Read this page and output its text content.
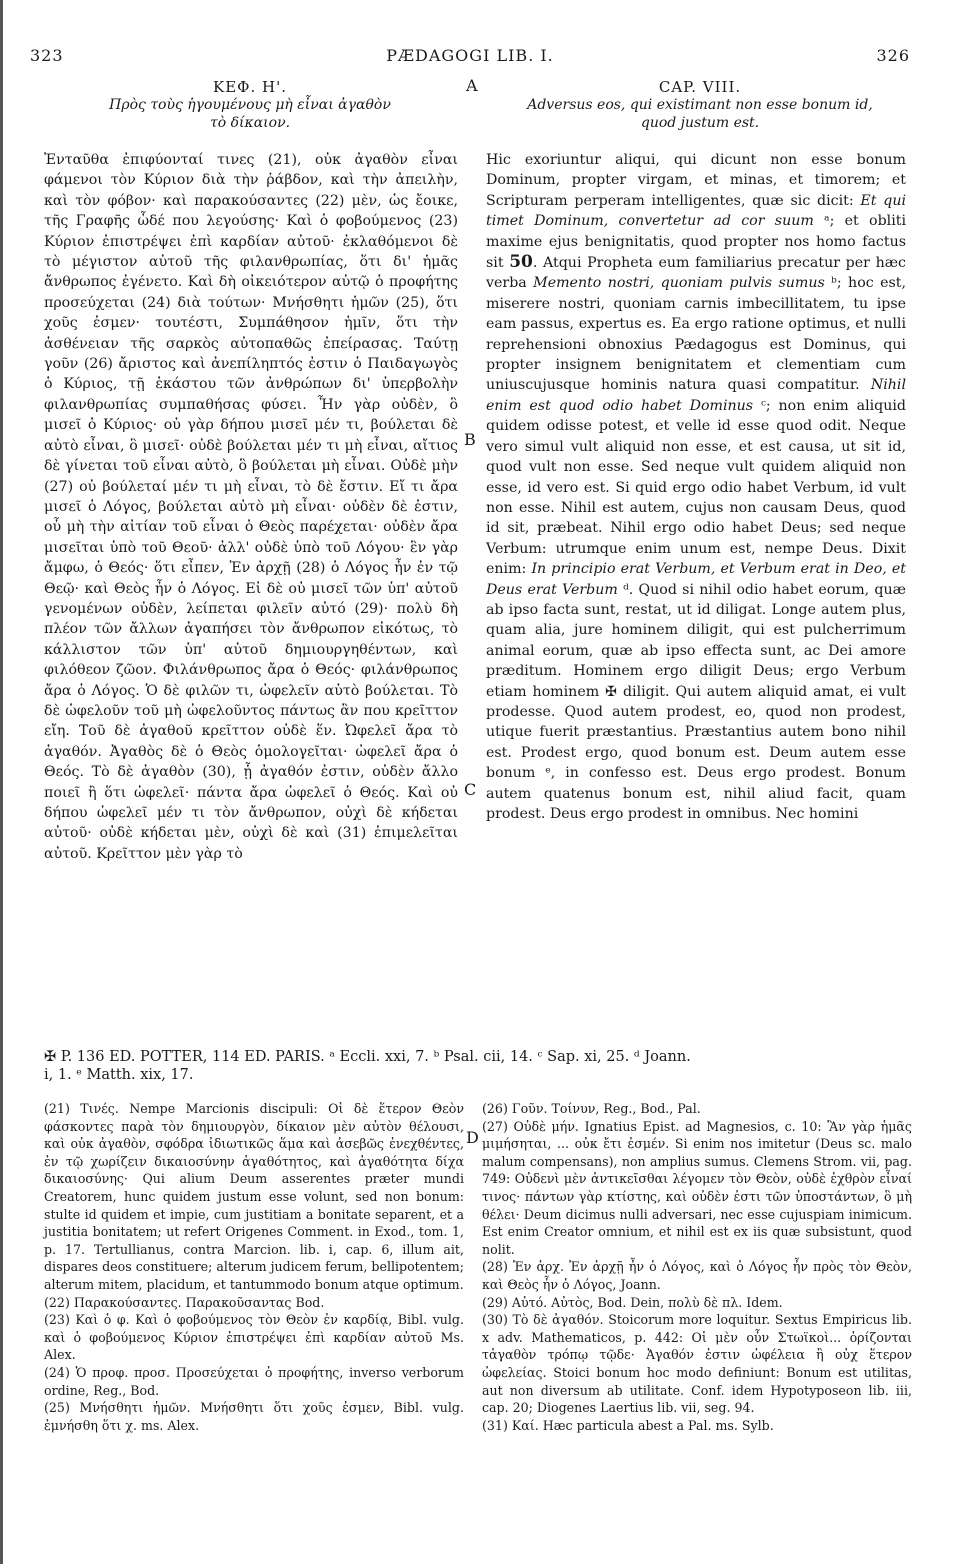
323	PÆDAGOGI LIB. I.	326
ΚΕΦ. Η'.
Πρὸς τοὺς ἡγουμένους μὴ εἶναι ἀγαθὸν
τὸ δίκαιον.
A	CAP. VIII.
Adversus eos, qui existimant non esse bonum id,
quod justum est.

Ἐνταῦθα ἐπιφύονταί τινες (21), οὐκ ἀγαθὸν εἶναι φάμενοι τὸν Κύριον διὰ τὴν ῥάβδον, καὶ τὴν ἀπειλὴν, καὶ τὸν φόβον· καὶ παρακούσαντες (22) μὲν, ὡς ἔοικε, τῆς Γραφῆς ὧδέ που λεγούσης· Καὶ ὁ φοβούμενος (23) Κύριον ἐπιστρέψει ἐπὶ καρδίαν αὐτοῦ· ἐκλαθόμενοι δὲ τὸ μέγιστον αὐτοῦ τῆς φιλανθρωπίας, ὅτι δι' ἡμᾶς ἄνθρωπος ἐγένετο. Καὶ δὴ οἰκειότερον αὐτῷ ὁ προφήτης προσεύχεται (24) διὰ τούτων· Μνήσθητι ἡμῶν (25), ὅτι χοῦς ἐσμεν· τουτέστι, Συμπάθησον ἡμῖν, ὅτι τὴν ἀσθένειαν τῆς σαρκὸς αὐτοπαθῶς ἐπείρασας. Ταύτῃ γοῦν (26) ἄριστος καὶ ἀνεπίληπτός ἐστιν ὁ Παιδαγωγὸς ὁ Κύριος, τῇ ἑκάστου τῶν ἀνθρώπων δι' ὑπερβολὴν φιλανθρωπίας συμπαθήσας φύσει. Ἦν γὰρ οὐδὲν, ὃ μισεῖ ὁ Κύριος· οὐ γὰρ δήπου μισεῖ μέν τι, βούλεται δὲ αὐτὸ εἶναι, ὃ μισεῖ· οὐδὲ βούλεται μέν τι μὴ εἶναι, αἴτιος δὲ γίνεται τοῦ εἶναι αὐτὸ, ὃ βούλεται μὴ εἶναι. Οὐδὲ μὴν (27) οὐ βούλεταί μέν τι μὴ εἶναι, τὸ δὲ ἔστιν. Εἴ τι ἄρα μισεῖ ὁ Λόγος, βούλεται αὐτὸ μὴ εἶναι· οὐδὲν δὲ ἐστιν, οὗ μὴ τὴν αἰτίαν τοῦ εἶναι ὁ Θεὸς παρέχεται· οὐδὲν ἄρα μισεῖται ὑπὸ τοῦ Θεοῦ· ἀλλ' οὐδὲ ὑπὸ τοῦ Λόγου· ἓν γὰρ ἄμφω, ὁ Θεός· ὅτι εἶπεν, Ἐν ἀρχῇ (28) ὁ Λόγος ἦν ἐν τῷ Θεῷ· καὶ Θεὸς ἦν ὁ Λόγος. Εἰ δὲ οὐ μισεῖ τῶν ὑπ' αὐτοῦ γενομένων οὐδὲν, λείπεται φιλεῖν αὐτό (29)· πολὺ δὴ πλέον τῶν ἄλλων ἀγαπήσει τὸν ἄνθρωπον εἰκότως, τὸ κάλλιστον τῶν ὑπ' αὐτοῦ δημιουργηθέντων, καὶ φιλόθεον ζῶον. Φιλάνθρωπος ἄρα ὁ Θεός· φιλάνθρωπος ἄρα ὁ Λόγος. Ὁ δὲ φιλῶν τι, ὠφελεῖν αὐτὸ βούλεται. Τὸ δὲ ὠφελοῦν τοῦ μὴ ὠφελοῦντος πάντως ἂν που κρεῖττον εἴη. Τοῦ δὲ ἀγαθοῦ κρεῖττον οὐδὲ ἕν. Ὠφελεῖ ἄρα τὸ ἀγαθόν. Ἀγαθὸς δὲ ὁ Θεὸς ὁμολογεῖται· ὠφελεῖ ἄρα ὁ Θεός. Τὸ δὲ ἀγαθὸν (30), ᾗ ἀγαθόν ἐστιν, οὐδὲν ἄλλο ποιεῖ ἢ ὅτι ὠφελεῖ· πάντα ἄρα ὠφελεῖ ὁ Θεός. Καὶ οὐ δήπου ὠφελεῖ μέν τι τὸν ἄνθρωπον, οὐχὶ δὲ κήδεται αὐτοῦ· οὐδὲ κήδεται μὲν, οὐχὶ δὲ καὶ (31) ἐπιμελεῖται αὐτοῦ. Κρεῖττον μὲν γὰρ τὸ

B
C

Hic exoriuntur aliqui, qui dicunt non esse bonum Dominum, propter virgam, et minas, et timorem; et Scripturam perperam intelligentes, quæ sic dicit: Et qui timet Dominum, convertetur ad cor suum ᵃ; et obliti maxime ejus benignitatis, quod propter nos homo factus sit 50. Atqui Propheta eum familiarius precatur per hæc verba Memento nostri, quoniam pulvis sumus ᵇ; hoc est, miserere nostri, quoniam carnis imbecillitatem, tu ipse eam passus, expertus es. Ea ergo ratione optimus, et nulli reprehensioni obnoxius Pædagogus est Dominus, qui propter insignem benignitatem et clementiam cum uniuscujusque hominis natura quasi compatitur. Nihil enim est quod odio habet Dominus ᶜ; non enim aliquid quidem odisse potest, et velle id esse quod odit. Neque vero simul vult aliquid non esse, et est causa, ut sit id, quod vult non esse. Sed neque vult quidem aliquid non esse, id vero est. Si quid ergo odio habet Verbum, id vult non esse. Nihil est autem, cujus non causam Deus, quod id sit, præbeat. Nihil ergo odio habet Deus; sed neque Verbum: utrumque enim unum est, nempe Deus. Dixit enim: In principio erat Verbum, et Verbum erat in Deo, et Deus erat Verbum ᵈ. Quod si nihil odio habet eorum, quæ ab ipso facta sunt, restat, ut id diligat. Longe autem plus, quam alia, jure hominem diligit, qui est pulcherrimum animal eorum, quæ ab ipso effecta sunt, ac Dei amore præditum. Hominem ergo diligit Deus; ergo Verbum etiam hominem ✠ diligit. Qui autem aliquid amat, ei vult prodesse. Quod autem prodest, eo, quod non prodest, utique fuerit præstantius. Præstantius autem bono nihil est. Prodest ergo, quod bonum est. Deum autem esse bonum ᵉ, in confesso est. Deus ergo prodest. Bonum autem quatenus bonum est, nihil aliud facit, quam prodest. Deus ergo prodest in omnibus. Nec homini

✠ P. 136 ED. POTTER, 114 ED. PARIS. ᵃ Eccli. xxi, 7. ᵇ Psal. cii, 14. ᶜ Sap. xi, 25. ᵈ Joann.
i, 1. ᵉ Matth. xix, 17.

(21) Τινές. Nempe Marcionis discipuli: Οἱ δὲ ἕτερον Θεὸν φάσκοντες παρὰ τὸν δημιουργὸν, δίκαιον μὲν αὐτὸν θέλουσι, καὶ οὐκ ἀγαθὸν, σφόδρα ἰδιωτικῶς ἅμα καὶ ἀσεβῶς ἐνεχθέντες, ἐν τῷ χωρίζειν δικαιοσύνην ἀγαθότητος, καὶ ἀγαθότητα δίχα δικαιοσύνης· Qui alium Deum asserentes præter mundi Creatorem, hunc quidem justum esse volunt, sed non bonum: stulte id quidem et impie, cum justitiam a bonitate separent, et a justitia bonitatem; ut refert Origenes Comment. in Exod., tom. 1, p. 17. Tertullianus, contra Marcion. lib. i, cap. 6, illum ait, dispares deos constituere; alterum judicem ferum, bellipotentem; alterum mitem, placidum, et tantummodo bonum atque optimum.

(22) Παρακούσαντες. Παρακοῦσαντας Bod.

(23) Καὶ ὁ φ. Καὶ ὁ φοβούμενος τὸν Θεὸν ἐν καρδίᾳ, Bibl. vulg. καὶ ὁ φοβούμενος Κύριον ἐπιστρέψει ἐπὶ καρδίαν αὐτοῦ Ms. Alex.

(24) Ὁ προφ. προσ. Προσεύχεται ὁ προφήτης, inverso verborum ordine, Reg., Bod.

(25) Μνήσθητι ἡμῶν. Μνήσθητι ὅτι χοῦς ἐσμεν, Bibl. vulg. ἐμνήσθη ὅτι χ. ms. Alex.

D

(26) Γοῦν. Τοίνυν, Reg., Bod., Pal.

(27) Οὐδὲ μήν. Ignatius Epist. ad Magnesios, c. 10: Ἂν γὰρ ἡμᾶς μιμήσηται, ... οὐκ ἔτι ἐσμέν. Si enim nos imitetur (Deus sc. malo malum compensans), non amplius sumus. Clemens Strom. vii, pag. 749: Οὐδενὶ μὲν ἀντικεῖσθαι λέγομεν τὸν Θεὸν, οὐδὲ ἐχθρὸν εἶναί τινος· πάντων γὰρ κτίστης, καὶ οὐδὲν ἐστι τῶν ὑποστάντων, ὃ μὴ θέλει· Deum dicimus nulli adversari, nec esse cujuspiam inimicum. Est enim Creator omnium, et nihil est ex iis quæ subsistunt, quod nolit.

(28) Ἐν ἀρχ. Ἐν ἀρχῇ ἦν ὁ Λόγος, καὶ ὁ Λόγος ἦν πρὸς τὸν Θεὸν, καὶ Θεὸς ἦν ὁ Λόγος, Joann.

(29) Αὐτό. Αὐτὸς, Bod. Dein, πολὺ δὲ πλ. Idem.

(30) Τὸ δὲ ἀγαθόν. Stoicorum more loquitur. Sextus Empiricus lib. x adv. Mathematicos, p. 442: Οἱ μὲν οὖν Στωϊκοὶ... ὁρίζονται τἀγαθὸν τρόπῳ τῷδε· Ἀγαθόν ἐστιν ὠφέλεια ἢ οὐχ ἕτερον ὠφελείας. Stoici bonum hoc modo definiunt: Bonum est utilitas, aut non diversum ab utilitate. Conf. idem Hypotyposeon lib. iii, cap. 20; Diogenes Laertius lib. vii, seg. 94.

(31) Καί. Hæc particula abest a Pal. ms. Sylb.
